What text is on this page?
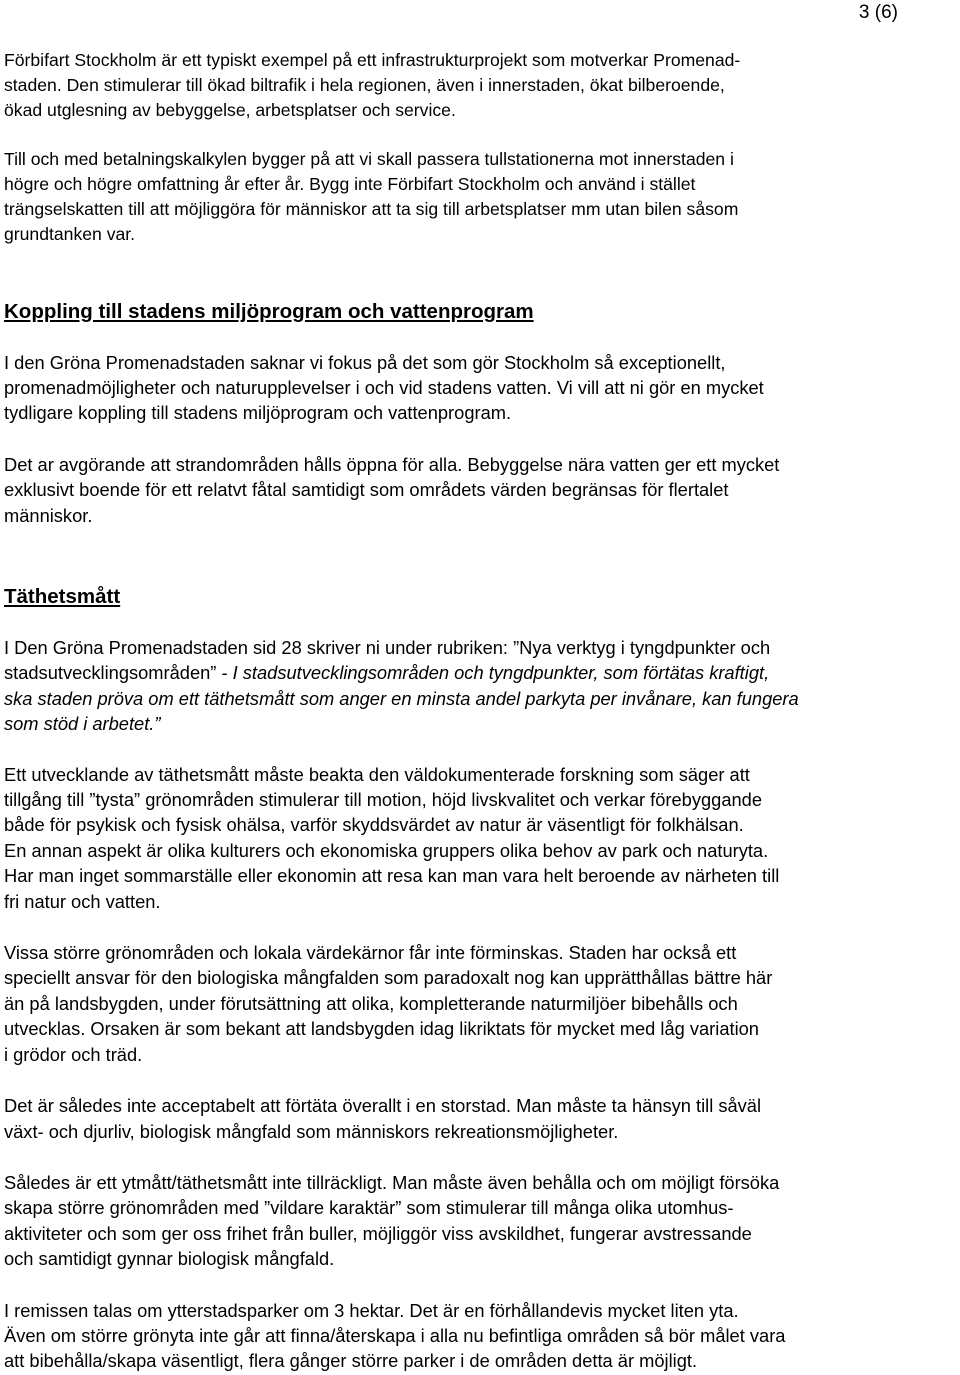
3 (6)

Förbifart Stockholm är ett typiskt exempel på ett infrastrukturprojekt som motverkar Promenad-
staden. Den stimulerar till ökad biltrafik i hela regionen, även i innerstaden, ökat bilberoende,
ökad utglesning av bebyggelse, arbetsplatser och service.

Till och med betalningskalkylen bygger på att vi skall passera tullstationerna mot innerstaden i
högre och högre omfattning år efter år. Bygg inte Förbifart Stockholm och använd i stället
trängselskatten till att möjliggöra för människor att ta sig till arbetsplatser mm utan bilen såsom
grundtanken var.

Koppling till stadens miljöprogram och vattenprogram

I den Gröna Promenadstaden saknar vi fokus på det som gör Stockholm så exceptionellt,
promenadmöjligheter och naturupplevelser i och vid stadens vatten. Vi vill att ni gör en mycket
tydligare koppling till stadens miljöprogram och vattenprogram.

Det ar avgörande att strandområden hålls öppna för alla. Bebyggelse nära vatten ger ett mycket
exklusivt boende för ett relatvt fåtal samtidigt som områdets värden begränsas för flertalet
människor.

Täthetsmått

I Den Gröna Promenadstaden sid 28 skriver ni under rubriken: ”Nya verktyg i tyngdpunkter och
stadsutvecklingsområden” - I stadsutvecklingsområden och tyngdpunkter, som förtätas kraftigt,
ska staden pröva om ett täthetsmått som anger en minsta andel parkyta per invånare, kan fungera
som stöd i arbetet.”

Ett utvecklande av täthetsmått måste beakta den väldokumenterade forskning som säger att
tillgång till ”tysta” grönområden stimulerar till motion, höjd livskvalitet och verkar förebyggande
både för psykisk och fysisk ohälsa, varför skyddsvärdet av natur är väsentligt för folkhälsan.
En annan aspekt är olika kulturers och ekonomiska gruppers olika behov av park och naturyta.
Har man inget sommarställe eller ekonomin att resa kan man vara helt beroende av närheten till
fri natur och vatten.

Vissa större grönområden och lokala värdekärnor får inte förminskas. Staden har också ett
speciellt ansvar för den biologiska mångfalden som paradoxalt nog kan upprätthållas bättre här
än på landsbygden, under förutsättning att olika, kompletterande naturmiljöer bibehålls och
utvecklas. Orsaken är som bekant att landsbygden idag likriktats för mycket med låg variation
i grödor och träd.

Det är således inte acceptabelt att förtäta överallt i en storstad. Man måste ta hänsyn till såväl
växt- och djurliv, biologisk mångfald som människors rekreationsmöjligheter.

Således är ett ytmått/täthetsmått inte tillräckligt. Man måste även behålla och om möjligt försöka
skapa större grönområden med ”vildare karaktär” som stimulerar till många olika utomhus-
aktiviteter och som ger oss frihet från buller, möjliggör viss avskildhet, fungerar avstressande
och samtidigt gynnar biologisk mångfald.

I remissen talas om ytterstadsparker om 3 hektar. Det är en förhållandevis mycket liten yta.
Även om större grönyta inte går att finna/återskapa i alla nu befintliga områden så bör målet vara
att bibehålla/skapa väsentligt, flera gånger större parker i de områden detta är möjligt.
